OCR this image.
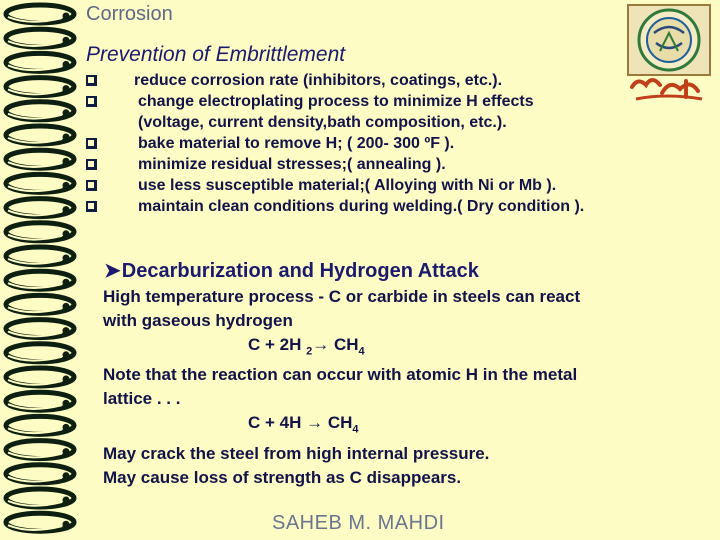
Corrosion
Prevention of Embrittlement
reduce corrosion rate (inhibitors, coatings, etc.).
change electroplating process to minimize H effects
(voltage, current density,bath composition, etc.).
bake material to remove H; ( 200- 300 ºF ).
minimize residual stresses;( annealing ).
use less susceptible material;( Alloying with Ni or Mb ).
maintain clean conditions during welding.( Dry condition ).
➤Decarburization and Hydrogen Attack
High temperature process - C or carbide in steels can react
with gaseous hydrogen
C + 2H $_2\to CH_4$
Note that the reaction can occur with atomic H in the metal
lattice . . .
$C + 4H \to CH_4$
May crack the steel from high internal pressure.
May cause loss of strength as C disappears.
SAHEB M. MAHDI
